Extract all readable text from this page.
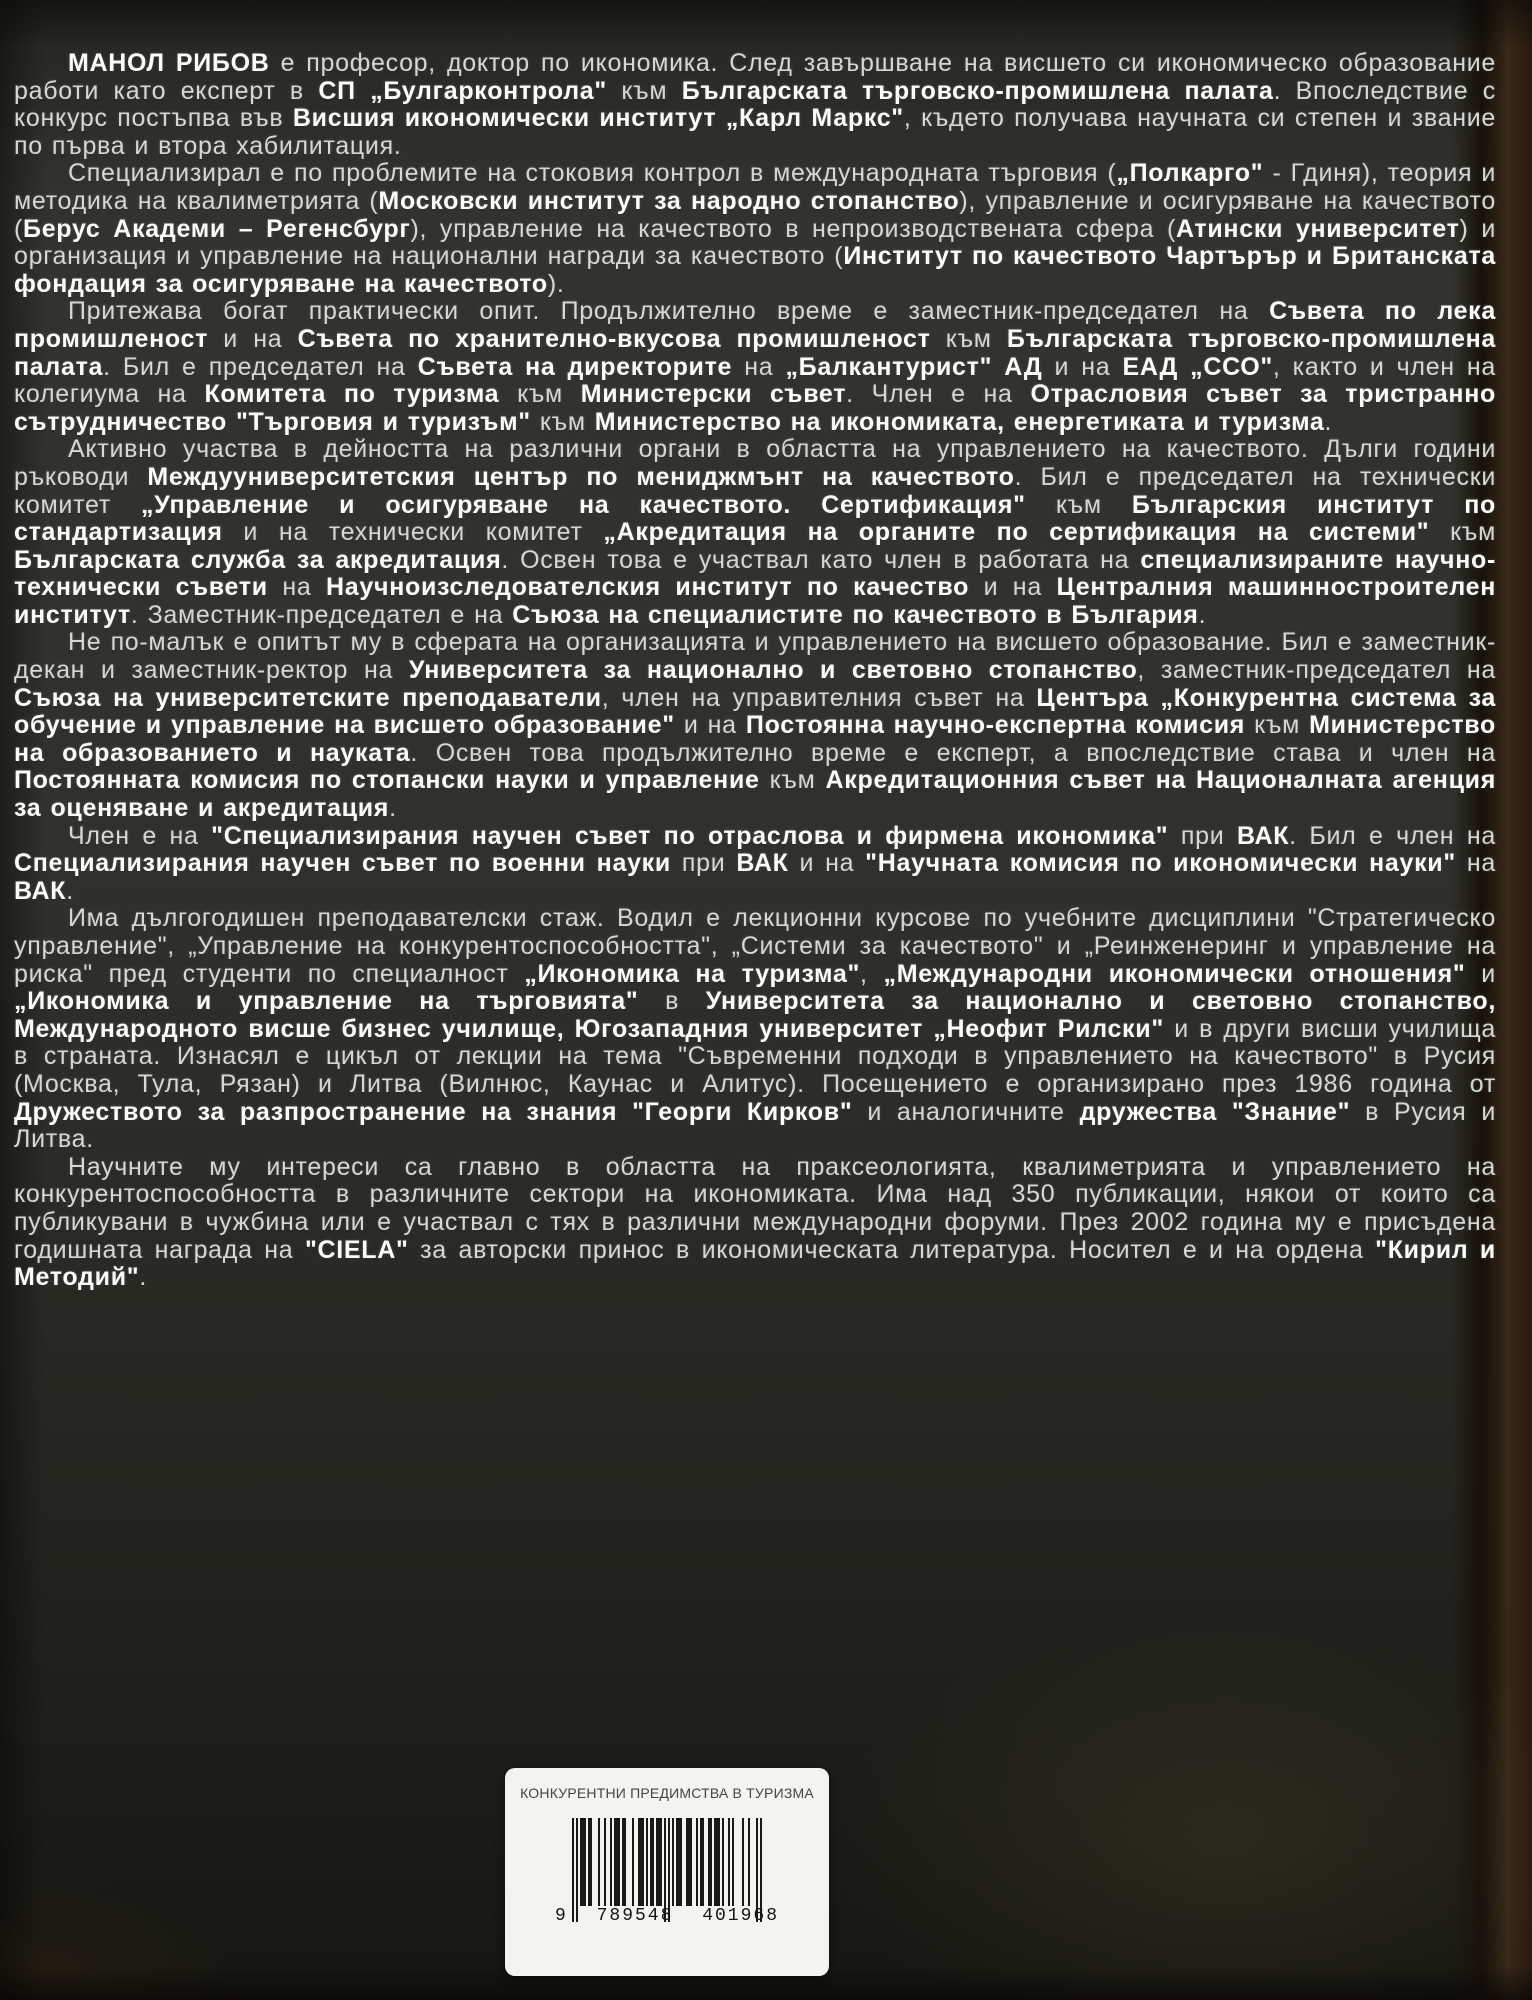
МАНОЛ РИБОВ е професор, доктор по икономика. След завършване на висшето си икономическо образование работи като експерт в СП „Булгарконтрола" към Българската търговско-промишлена палата. Впоследствие с конкурс постъпва във Висшия икономически институт „Карл Маркс", където получава научната си степен и звание по първа и втора хабилитация.

Специализирал е по проблемите на стоковия контрол в международната търговия („Полкарго" - Гдиня), теория и методика на квалиметрията (Московски институт за народно стопанство), управление и осигуряване на качеството (Берус Академи – Регенсбург), управление на качеството в непроизводствената сфера (Атински университет) и организация и управление на национални награди за качеството (Институт по качеството Чартърър и Британската фондация за осигуряване на качеството).

Притежава богат практически опит. Продължително време е заместник-председател на Съвета по лека промишленост и на Съвета по хранително-вкусова промишленост към Българската търговско-промишлена палата. Бил е председател на Съвета на директорите на „Балкантурист" АД и на ЕАД „ССО", както и член на колегиума на Комитета по туризма към Министерски съвет. Член е на Отрасловия съвет за тристранно сътрудничество "Търговия и туризъм" към Министерство на икономиката, енергетиката и туризма.

Активно участва в дейността на различни органи в областта на управлението на качеството. Дълги години ръководи Междууниверситетския център по мениджмънт на качеството. Бил е председател на технически комитет „Управление и осигуряване на качеството. Сертификация" към Българския институт по стандартизация и на технически комитет „Акредитация на органите по сертификация на системи" към Българската служба за акредитация. Освен това е участвал като член в работата на специализираните научно-технически съвети на Научноизследователския институт по качество и на Централния машинностроителен институт. Заместник-председател е на Съюза на специалистите по качеството в България.

Не по-малък е опитът му в сферата на организацията и управлението на висшето образование. Бил е заместник-декан и заместник-ректор на Университета за национално и световно стопанство, заместник-председател на Съюза на университетските преподаватели, член на управителния съвет на Центъра „Конкурентна система за обучение и управление на висшето образование" и на Постоянна научно-експертна комисия към Министерство на образованието и науката. Освен това продължително време е експерт, а впоследствие става и член на Постоянната комисия по стопански науки и управление към Акредитационния съвет на Националната агенция за оценяване и акредитация.

Член е на "Специализирания научен съвет по отраслова и фирмена икономика" при ВАК. Бил е член на Специализирания научен съвет по военни науки при ВАК и на "Научната комисия по икономически науки" на ВАК.

Има дългогодишен преподавателски стаж. Водил е лекционни курсове по учебните дисциплини "Стратегическо управление", „Управление на конкурентоспособността", „Системи за качеството" и „Реинженеринг и управление на риска" пред студенти по специалност „Икономика на туризма", „Международни икономически отношения" и „Икономика и управление на търговията" в Университета за национално и световно стопанство, Международното висше бизнес училище, Югозападния университет „Неофит Рилски" и в други висши училища в страната. Изнасял е цикъл от лекции на тема "Съвременни подходи в управлението на качеството" в Русия (Москва, Тула, Рязан) и Литва (Вилнюс, Каунас и Алитус). Посещението е организирано през 1986 година от Дружеството за разпространение на знания "Георги Кирков" и аналогичните дружества "Знание" в Русия и Литва.

Научните му интереси са главно в областта на праксеологията, квалиметрията и управлението на конкурентоспособността в различните сектори на икономиката. Има над 350 публикации, някои от които са публикувани в чужбина или е участвал с тях в различни международни форуми. През 2002 година му е присъдена годишната награда на "CIELA" за авторски принос в икономическата литература. Носител е и на ордена "Кирил и Методий".

КОНКУРЕНТНИ ПРЕДИМСТВА В ТУРИЗМА
9 789548 401968
